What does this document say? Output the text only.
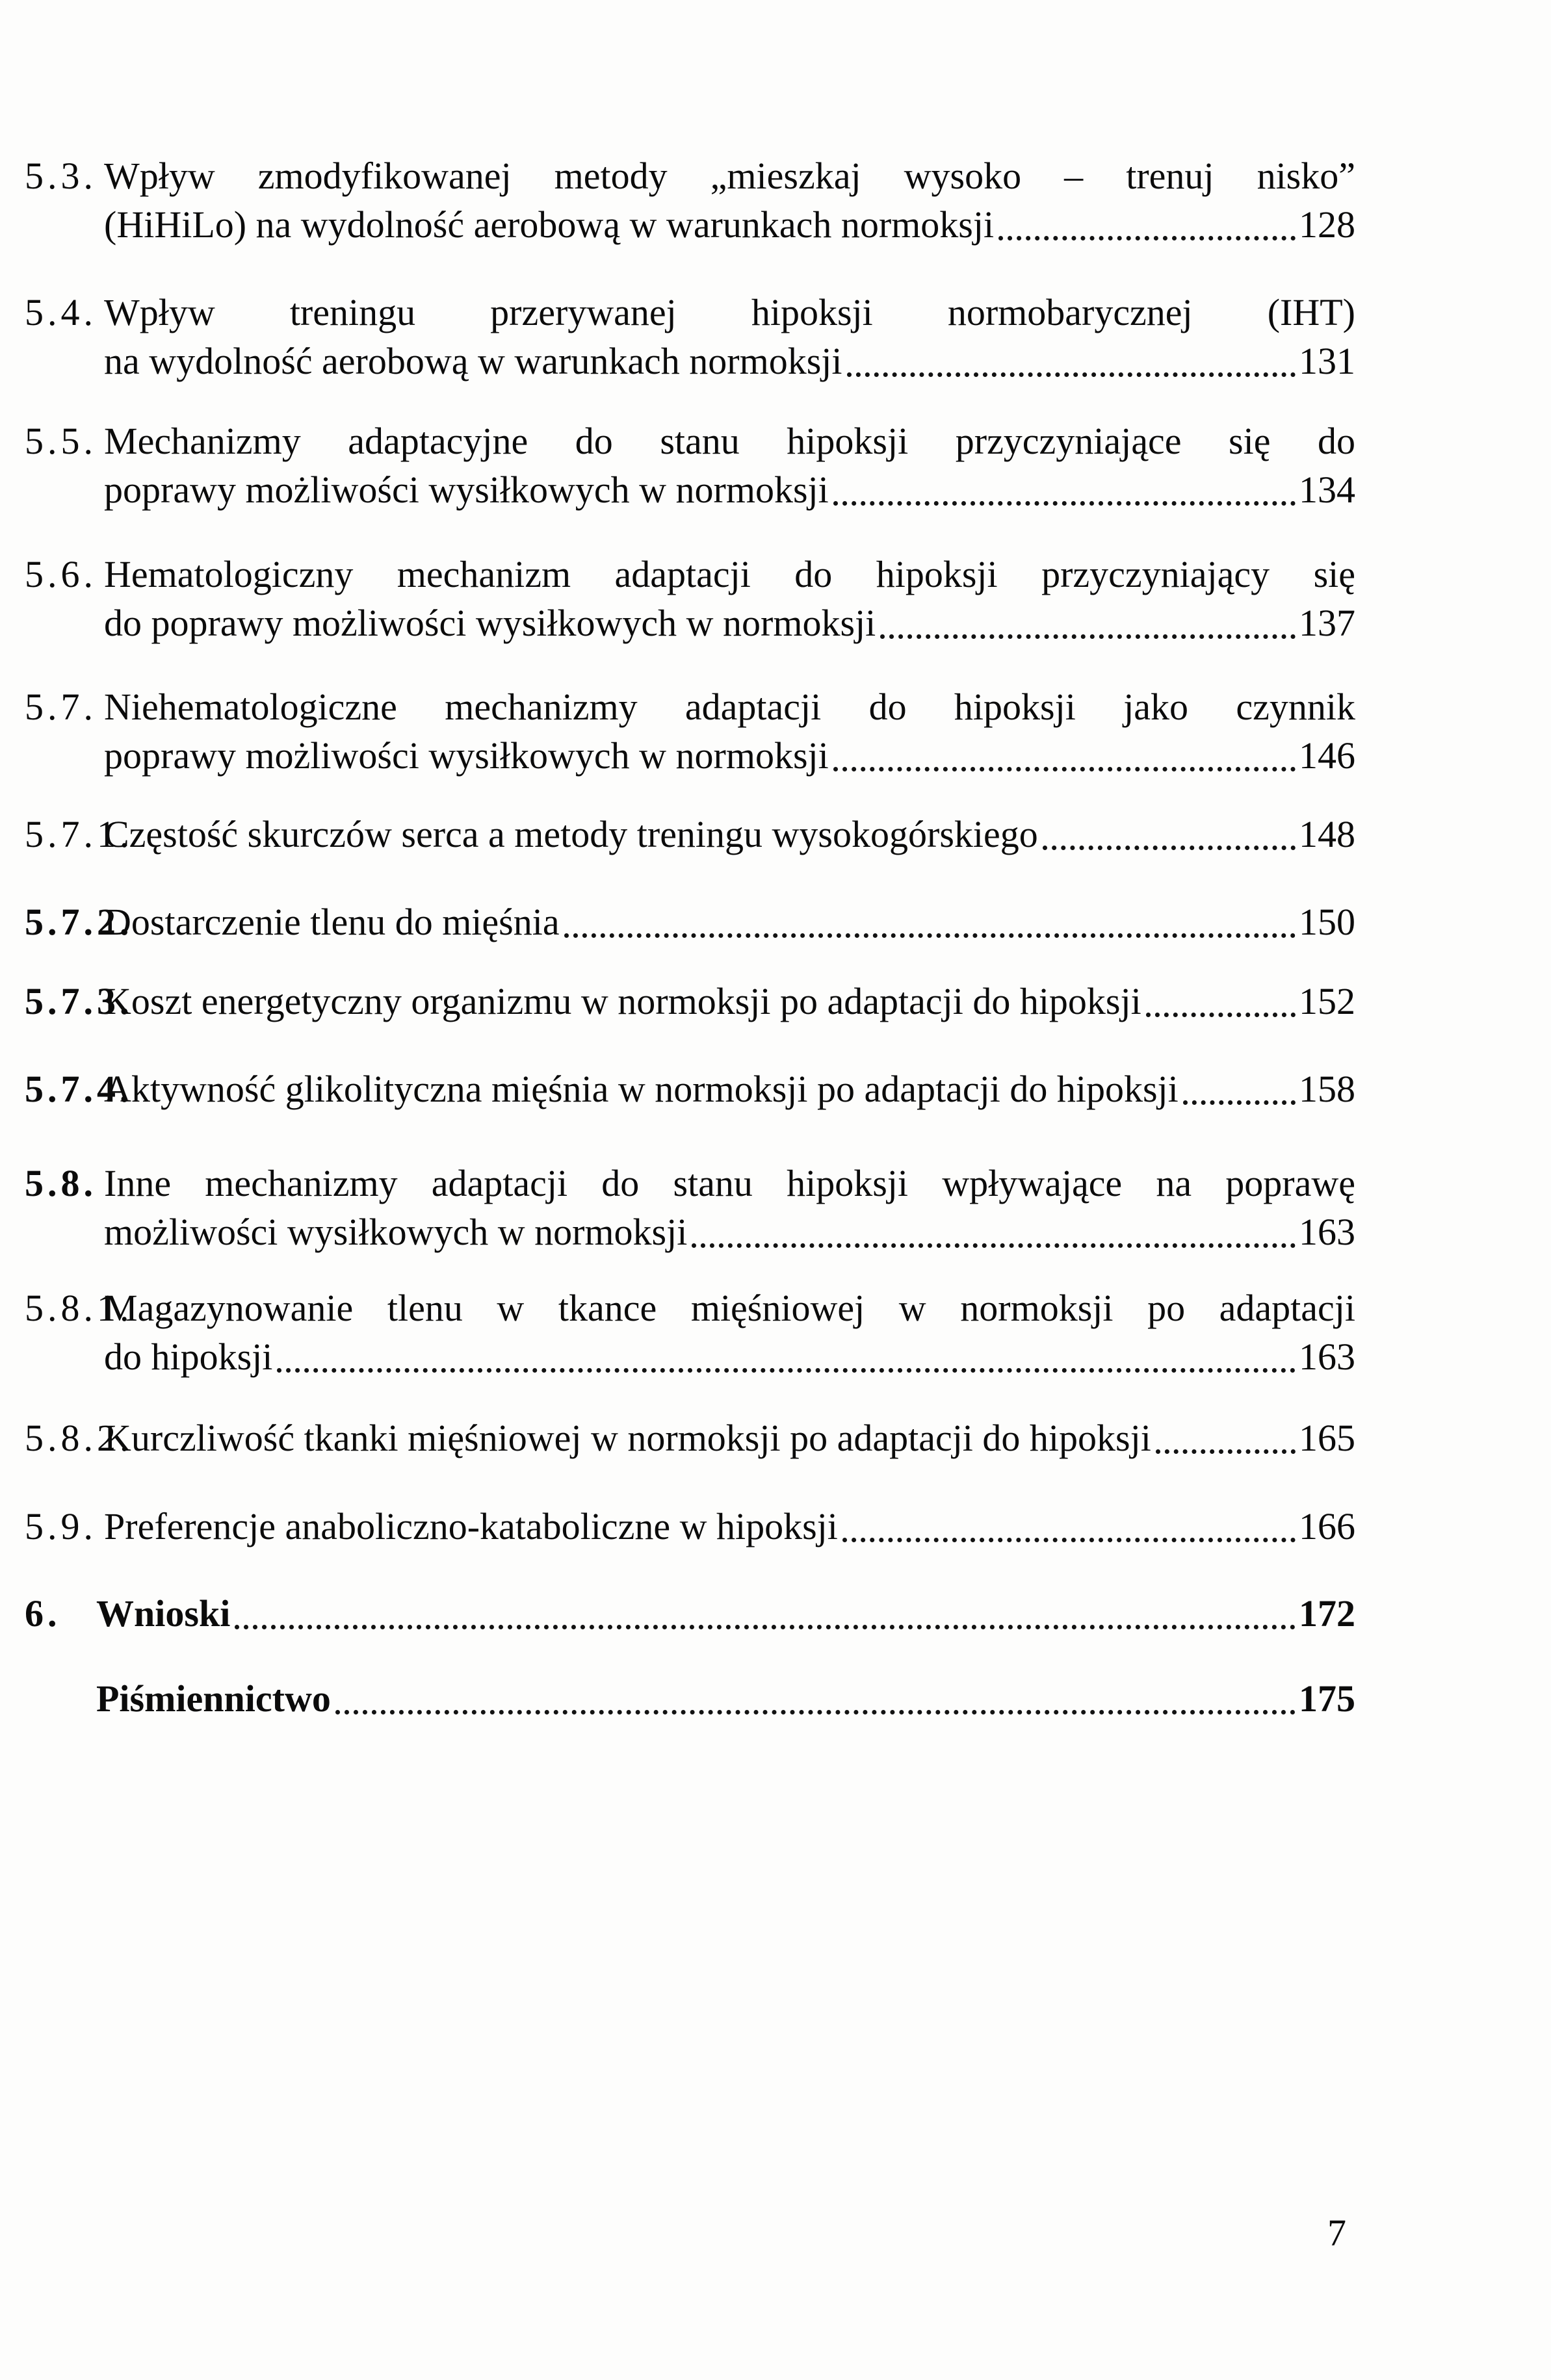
5.3. Wpływ zmodyfikowanej metody „mieszkaj wysoko – trenuj nisko”
(HiHiLo) na wydolność aerobową w warunkach normoksji	128
5.4. Wpływ treningu przerywanej hipoksji normobarycznej (IHT)
na wydolność aerobową w warunkach normoksji	131
5.5. Mechanizmy adaptacyjne do stanu hipoksji przyczyniające się do
poprawy możliwości wysiłkowych w normoksji	134
5.6. Hematologiczny mechanizm adaptacji do hipoksji przyczyniający się
do poprawy możliwości wysiłkowych w normoksji	137
5.7. Niehematologiczne mechanizmy adaptacji do hipoksji jako czynnik
poprawy możliwości wysiłkowych w normoksji	146
5.7.1.
Częstość skurczów serca a metody treningu wysokogórskiego	148
5.7.2.
Dostarczenie tlenu do mięśnia	150
5.7.3.
Koszt energetyczny organizmu w normoksji po adaptacji do hipoksji	152
5.7.4.
Aktywność glikolityczna mięśnia w normoksji po adaptacji do hipoksji	158
5.8. Inne mechanizmy adaptacji do stanu hipoksji wpływające na poprawę
możliwości wysiłkowych w normoksji	163
5.8.1.
Magazynowanie tlenu w tkance mięśniowej w normoksji po adaptacji
do hipoksji	163
5.8.2.
Kurczliwość tkanki mięśniowej w normoksji po adaptacji do hipoksji	165
5.9. Preferencje anaboliczno-kataboliczne w hipoksji	166
6. Wnioski	172
Piśmiennictwo	175
7
